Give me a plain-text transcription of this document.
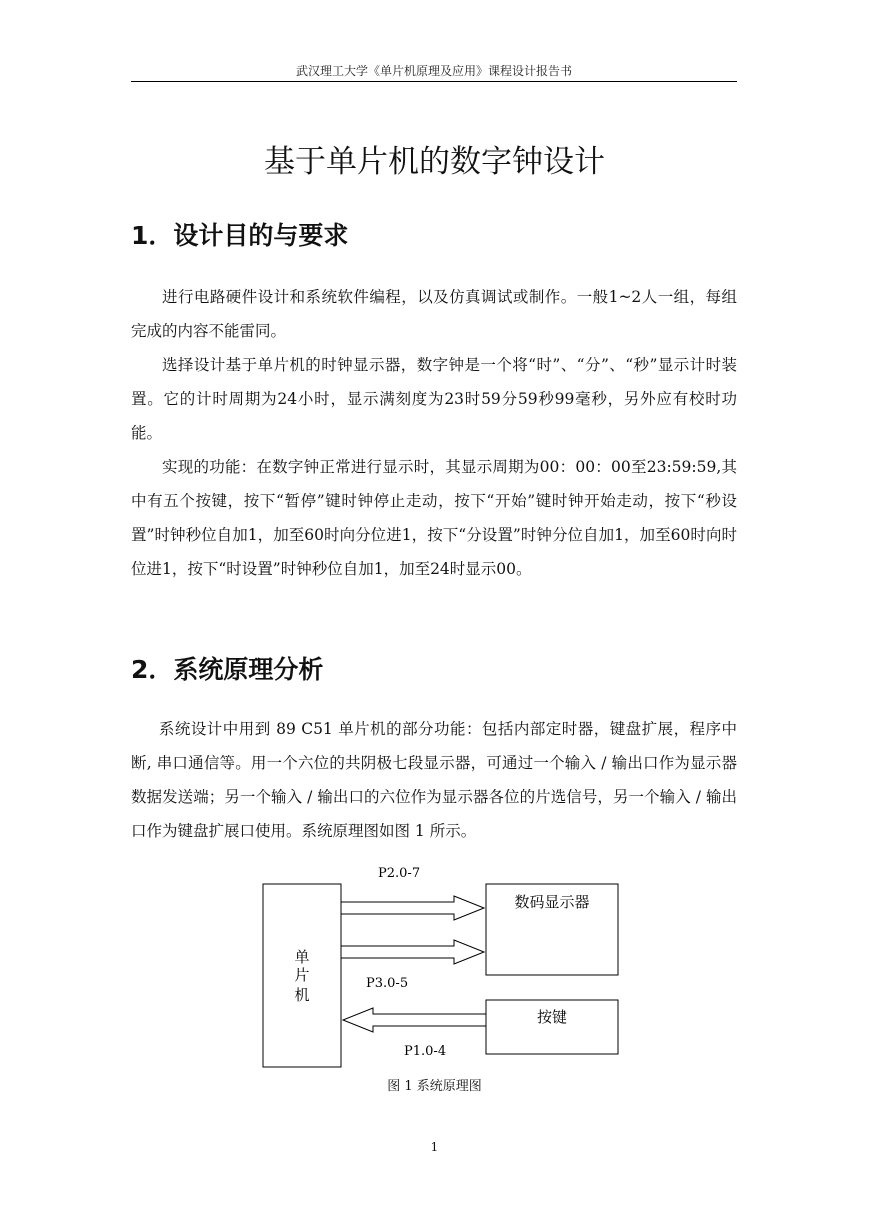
武汉理工大学《单片机原理及应用》课程设计报告书
基于单片机的数字钟设计
1．设计目的与要求

进行电路硬件设计和系统软件编程，以及仿真调试或制作。一般1~2人一组，每组完成的内容不能雷同。

选择设计基于单片机的时钟显示器，数字钟是一个将“时”、“分”、“秒”显示计时装置。它的计时周期为24小时，显示满刻度为23时59分59秒99毫秒，另外应有校时功能。

实现的功能：在数字钟正常进行显示时，其显示周期为00：00：00至23:59:59,其中有五个按键，按下“暂停”键时钟停止走动，按下“开始”键时钟开始走动，按下“秒设置”时钟秒位自加1，加至60时向分位进1，按下“分设置”时钟分位自加1，加至60时向时位进1，按下“时设置”时钟秒位自加1，加至24时显示00。

2．系统原理分析

系统设计中用到 89 C51 单片机的部分功能：包括内部定时器，键盘扩展，程序中断, 串口通信等。用一个六位的共阴极七段显示器，可通过一个输入 / 输出口作为显示器数据发送端；另一个输入 / 输出口的六位作为显示器各位的片选信号，另一个输入 / 输出口作为键盘扩展口使用。系统原理图如图 1 所示。

单
片
机
数码显示器
按键
P2.0-7
P3.0-5
P1.0-4
图 1 系统原理图
1
